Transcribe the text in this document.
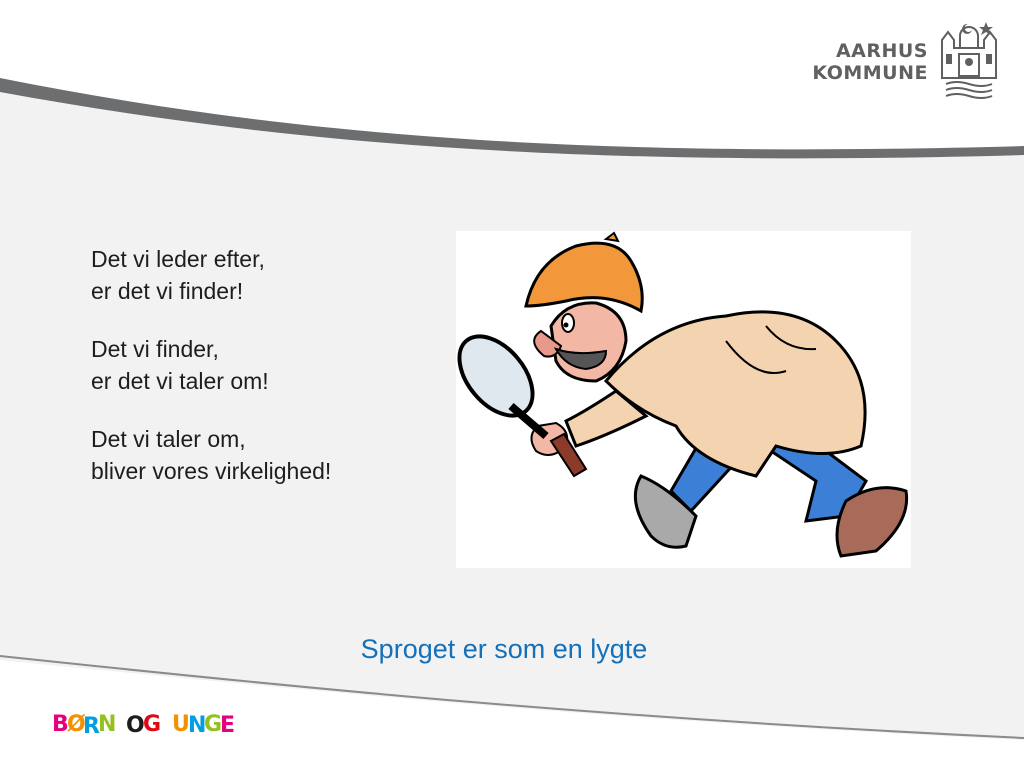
AARHUS
KOMMUNE
Det vi leder efter,
er det vi finder!
Det vi finder,
er det vi taler om!
Det vi taler om,
bliver vores virkelighed!
Sproget er som en lygte
B
Ø
R
N O
G U
N
G
E
